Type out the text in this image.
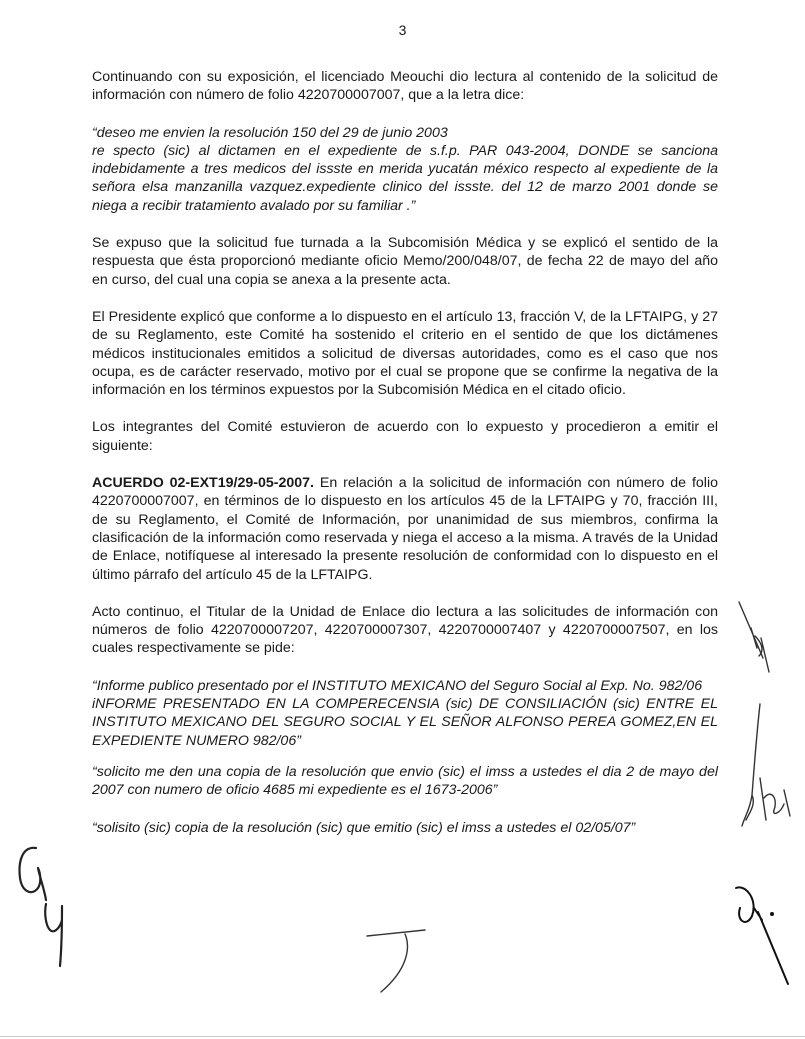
3

Continuando con su exposición, el licenciado Meouchi dio lectura al contenido de la solicitud de información con número de folio 4220700007007, que a la letra dice:

“deseo me envien la resolución 150 del 29 de junio 2003
re specto (sic) al dictamen en el expediente de s.f.p. PAR 043-2004, DONDE se sanciona indebidamente a tres medicos del issste en merida yucatán méxico respecto al expediente de la señora elsa manzanilla vazquez.expediente clinico del issste. del 12 de marzo 2001 donde se niega a recibir tratamiento avalado por su familiar .”

Se expuso que la solicitud fue turnada a la Subcomisión Médica y se explicó el sentido de la respuesta que ésta proporcionó mediante oficio Memo/200/048/07, de fecha 22 de mayo del año en curso, del cual una copia se anexa a la presente acta.

El Presidente explicó que conforme a lo dispuesto en el artículo 13, fracción V, de la LFTAIPG, y 27 de su Reglamento, este Comité ha sostenido el criterio en el sentido de que los dictámenes médicos institucionales emitidos a solicitud de diversas autoridades, como es el caso que nos ocupa, es de carácter reservado, motivo por el cual se propone que se confirme la negativa de la información en los términos expuestos por la Subcomisión Médica en el citado oficio.

Los integrantes del Comité estuvieron de acuerdo con lo expuesto y procedieron a emitir el siguiente:

ACUERDO 02-EXT19/29-05-2007. En relación a la solicitud de información con número de folio 4220700007007, en términos de lo dispuesto en los artículos 45 de la LFTAIPG y 70, fracción III, de su Reglamento, el Comité de Información, por unanimidad de sus miembros, confirma la clasificación de la información como reservada y niega el acceso a la misma. A través de la Unidad de Enlace, notifíquese al interesado la presente resolución de conformidad con lo dispuesto en el último párrafo del artículo 45 de la LFTAIPG.

Acto continuo, el Titular de la Unidad de Enlace dio lectura a las solicitudes de información con números de folio 4220700007207, 4220700007307, 4220700007407 y 4220700007507, en los cuales respectivamente se pide:

“Informe publico presentado por el INSTITUTO MEXICANO del Seguro Social al Exp. No. 982/06
iNFORME PRESENTADO EN LA COMPERECENSIA (sic) DE CONSILIACIÓN (sic) ENTRE EL INSTITUTO MEXICANO DEL SEGURO SOCIAL Y EL SEÑOR ALFONSO PEREA GOMEZ,EN EL EXPEDIENTE NUMERO 982/06”

“solicito me den una copia de la resolución que envio (sic) el imss a ustedes el dia 2 de mayo del 2007 con numero de oficio 4685 mi expediente es el 1673-2006”

“solisito (sic) copia de la resolución (sic) que emitio (sic) el imss a ustedes el 02/05/07”
